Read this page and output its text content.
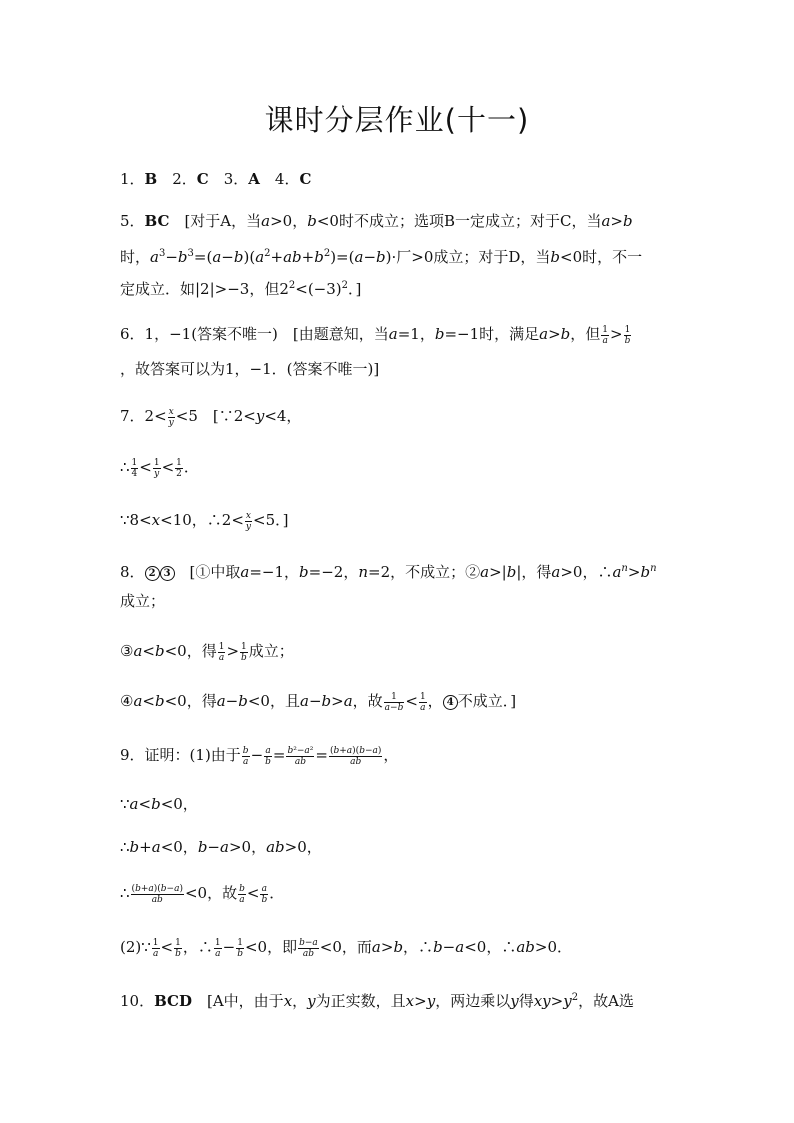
课时分层作业(十一)
1．B　2．C　3．A　4．C
5．BC　[对于A，当a>0，b<0时不成立；选项B一定成立；对于C，当a>b
时，$a^3-b^3=(a-b)(a^2+ab+b^2)=(a-b)\cdot$厂>0成立；对于D，当b<0时，不一
定成立．如|2|>−3，但$2^2<(-3)^2$．]
6．1，−1(答案不唯一)　[由题意知，当a=1，b=−1时，满足a>b，但 $\frac{1}{a} > \frac{1}{b}$
，故答案可以为1，−1．(答案不唯一)]
7．$2< \frac{x}{y} <5$　[∵2<y<4，
∴ $\frac{1}{4} < \frac{1}{y} < \frac{1}{2}$ ．
∵8<x<10，∴2< $\frac{x}{y} <5$．]
8． 2 3　[①中取a=−1，b=−2，n=2，不成立；②a>|b|，得a>0，$\therefore a^n>b^n$
成立；
③a<b<0，得 $\frac{1}{a} > \frac{1}{b}$ 成立；
④a<b<0，得a−b<0，且a−b>a，故 $\frac{1}{a-b} < \frac{1}{a}$ ， 4 不成立．]
9．证明：(1)由于 $\frac{b}{a} - \frac{a}{b} = \frac{\text{b²−a²}}{ab} = \frac{(b+a)(b-a)}{ab}$ ，
∵a<b<0，
∴b+a<0，b−a>0，ab>0，
∴ $\frac{(b+a)(b-a)}{ab} <0$，故 $\frac{b}{a} < \frac{a}{b}$ ．
(2)∵ $\frac{1}{a} < \frac{1}{b}$ ，∴ $\frac{1}{a} - \frac{1}{b} <0$，即 $\frac{b-a}{ab} <0$，而a>b，∴b−a<0，∴ab>0．
10．BCD　[A中，由于x，y为正实数，且x>y，两边乘以y得$xy>y^2$，故A选
